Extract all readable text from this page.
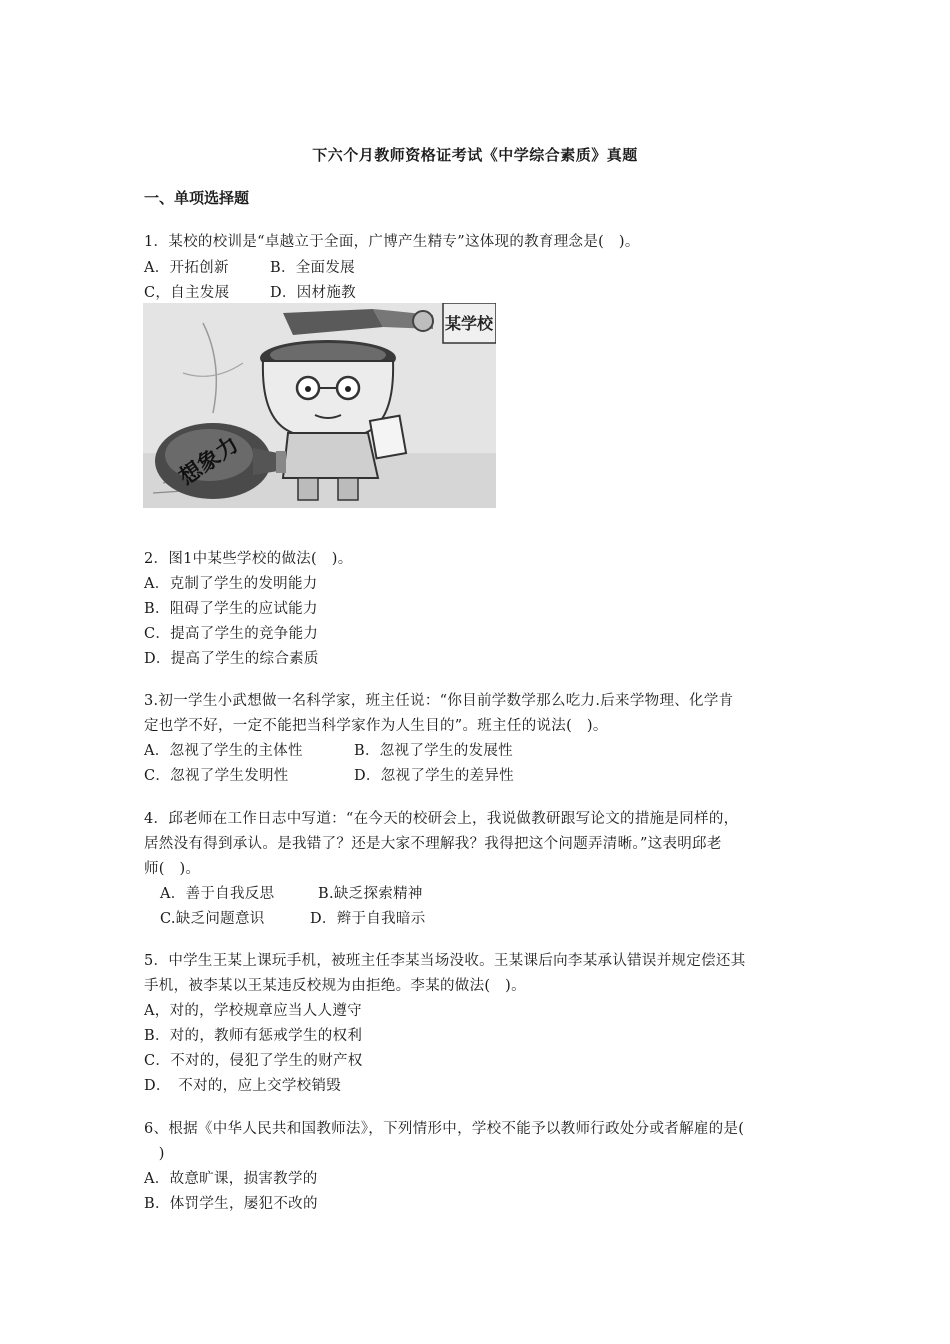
下六个月教师资格证考试《中学综合素质》真题
一、单项选择题
1．某校的校训是“卓越立于全面，广博产生精专”这体现的教育理念是(　)。
A．开拓创新	B．全面发展
C，自主发展	D．因材施教
某学校
想象力
2．图1中某些学校的做法(　)。
A．克制了学生的发明能力
B．阻碍了学生的应试能力
C．提高了学生的竞争能力
D．提高了学生的综合素质
3.初一学生小武想做一名科学家，班主任说：“你目前学数学那么吃力.后来学物理、化学肯
定也学不好，一定不能把当科学家作为人生目的”。班主任的说法(　)。
A．忽视了学生的主体性	B．忽视了学生的发展性
C．忽视了学生发明性	D．忽视了学生的差异性
4．邱老师在工作日志中写道：“在今天的校研会上，我说做教研跟写论文的措施是同样的，
居然没有得到承认。是我错了？还是大家不理解我？我得把这个问题弄清晰。”这表明邱老
师(　)。
A．善于自我反思	B.缺乏探索精神
C.缺乏问题意识	D．辫于自我暗示
5．中学生王某上课玩手机，被班主任李某当场没收。王某课后向李某承认错误并规定偿还其
手机，被李某以王某违反校规为由拒绝。李某的做法(　)。
A，对的，学校规章应当人人遵守
B．对的，教师有惩戒学生的权利
C．不对的，侵犯了学生的财产权
D．　不对的，应上交学校销毁
6、根据《中华人民共和国教师法》，下列情形中，学校不能予以教师行政处分或者解雇的是(
　)
A．故意旷课，损害教学的
B．体罚学生，屡犯不改的
